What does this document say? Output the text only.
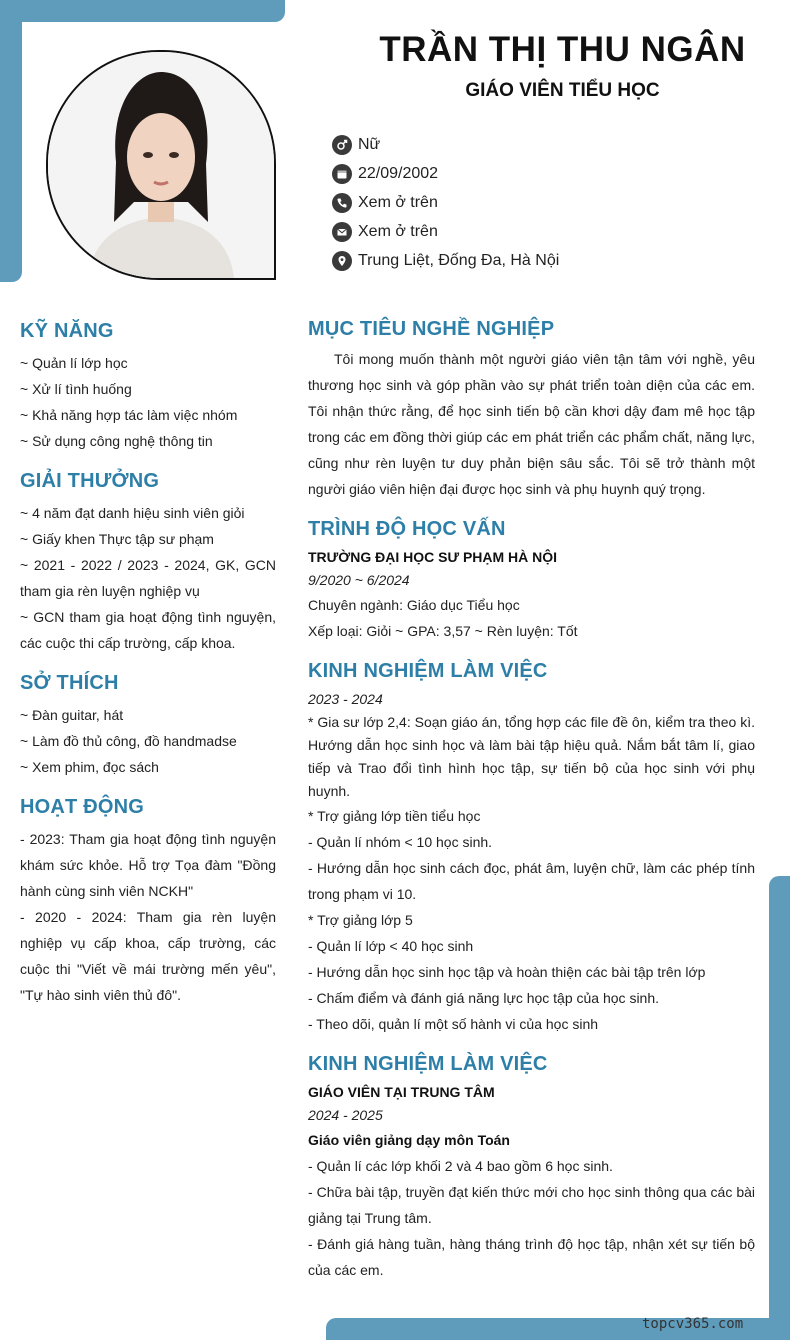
TRẦN THỊ THU NGÂN
GIÁO VIÊN TIỂU HỌC
Nữ
22/09/2002
Xem ở trên
Xem ở trên
Trung Liệt, Đống Đa, Hà Nội
KỸ NĂNG
~ Quản lí lớp học
~ Xử lí tình huống
~ Khả năng hợp tác làm việc nhóm
~ Sử dụng công nghệ thông tin
GIẢI THƯỞNG
~ 4 năm đạt danh hiệu sinh viên giỏi
~ Giấy khen Thực tập sư phạm
~ 2021 - 2022 / 2023 - 2024, GK, GCN tham gia rèn luyện nghiệp vụ
~ GCN tham gia hoạt động tình nguyện, các cuộc thi cấp trường, cấp khoa.
SỞ THÍCH
~ Đàn guitar, hát
~ Làm đồ thủ công, đồ handmadse
~ Xem phim, đọc sách
HOẠT ĐỘNG
- 2023: Tham gia hoạt động tình nguyện khám sức khỏe. Hỗ trợ Tọa đàm "Đồng hành cùng sinh viên NCKH"
- 2020 - 2024: Tham gia rèn luyện nghiệp vụ cấp khoa, cấp trường, các cuộc thi "Viết về mái trường mến yêu", "Tự hào sinh viên thủ đô".
MỤC TIÊU NGHỀ NGHIỆP
Tôi mong muốn thành một người giáo viên tận tâm với nghề, yêu thương học sinh và góp phần vào sự phát triển toàn diện của các em. Tôi nhận thức rằng, để học sinh tiến bộ cần khơi dậy đam mê học tập trong các em đồng thời giúp các em phát triển các phẩm chất, năng lực, cũng như rèn luyện tư duy phản biện sâu sắc. Tôi sẽ trở thành một người giáo viên hiện đại được học sinh và phụ huynh quý trọng.
TRÌNH ĐỘ HỌC VẤN
TRƯỜNG ĐẠI HỌC SƯ PHẠM HÀ NỘI
9/2020 ~ 6/2024
Chuyên ngành: Giáo dục Tiểu học
Xếp loại: Giỏi ~ GPA: 3,57 ~ Rèn luyện: Tốt
KINH NGHIỆM LÀM VIỆC
2023 - 2024
* Gia sư lớp 2,4: Soạn giáo án, tổng hợp các file đề ôn, kiểm tra theo kì. Hướng dẫn học sinh học và làm bài tập hiệu quả. Nắm bắt tâm lí, giao tiếp và Trao đổi tình hình học tập, sự tiến bộ của học sinh với phụ huynh.
* Trợ giảng lớp tiền tiểu học
- Quản lí nhóm < 10 học sinh.
- Hướng dẫn học sinh cách đọc, phát âm, luyện chữ, làm các phép tính trong phạm vi 10.
* Trợ giảng lớp 5
- Quản lí lớp < 40 học sinh
- Hướng dẫn học sinh học tập và hoàn thiện các bài tập trên lớp
- Chấm điểm và đánh giá năng lực học tập của học sinh.
- Theo dõi, quản lí một số hành vi của học sinh
KINH NGHIỆM LÀM VIỆC
GIÁO VIÊN TẠI TRUNG TÂM
2024 - 2025
Giáo viên giảng dạy môn Toán
- Quản lí các lớp khối 2 và 4 bao gồm 6 học sinh.
- Chữa bài tập, truyền đạt kiến thức mới cho học sinh thông qua các bài giảng tại Trung tâm.
- Đánh giá hàng tuần, hàng tháng trình độ học tập, nhận xét sự tiến bộ của các em.
topcv365.com
